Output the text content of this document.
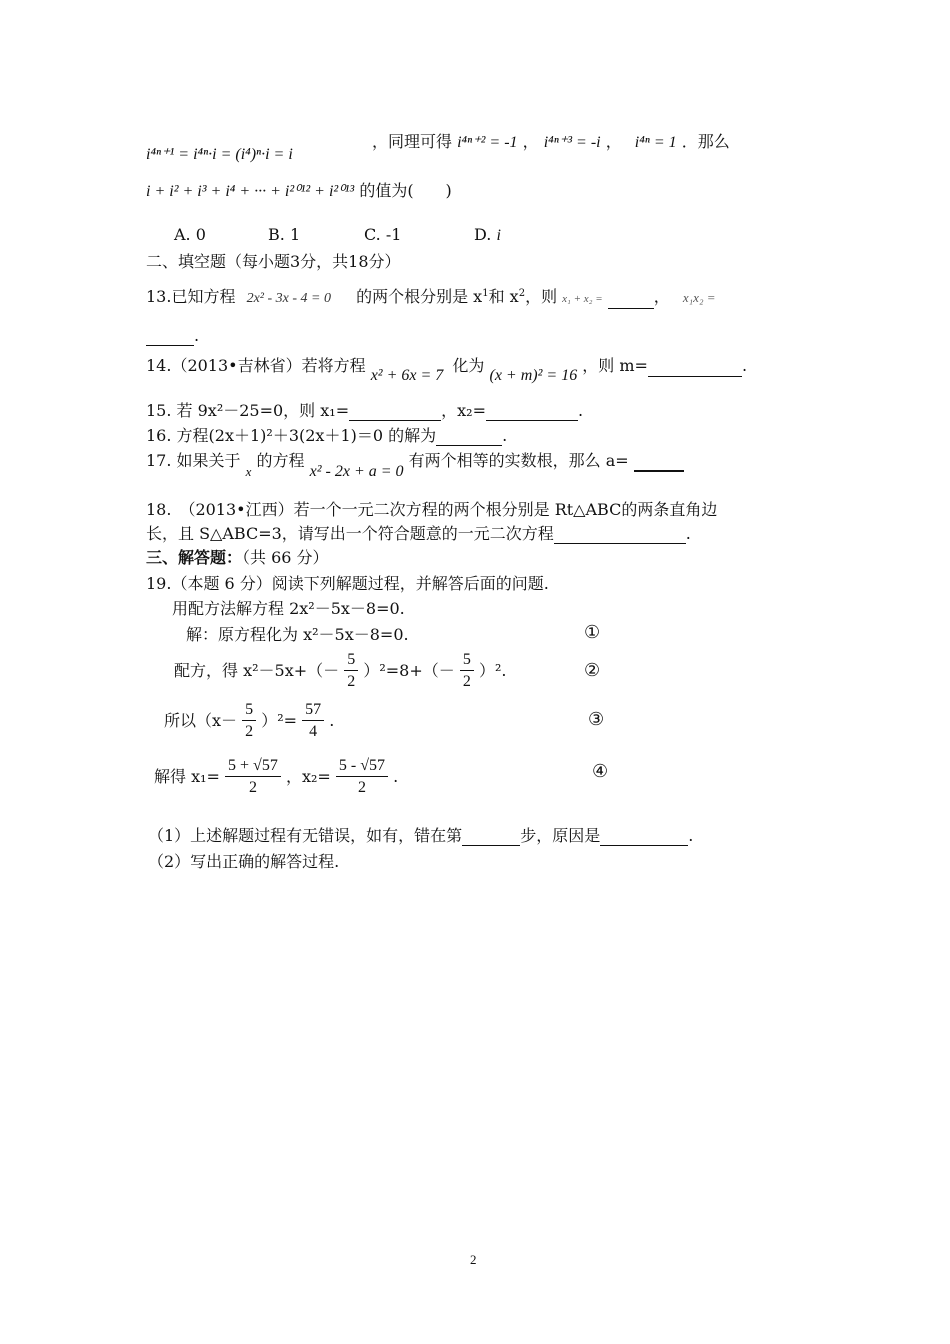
i⁴ⁿ⁺¹ = i⁴ⁿ·i = (i⁴)ⁿ·i = i
，同理可得 i⁴ⁿ⁺² = -1 ， i⁴ⁿ⁺³ = -i ， i⁴ⁿ = 1 ．那么
i + i² + i³ + i⁴ + ··· + i²⁰¹² + i²⁰¹³ 的值为(　　)
A. 0	B. 1	C. -1	D. i
二、填空题（每小题3分，共18分）
13.已知方程 2x² - 3x - 4 = 0 的两个根分别是 $x^1$和 $x^2$，则 x₁ + x₂ =	， x₁x₂ =
.
14.（2013•吉林省）若将方程 x² + 6x = 7 化为 (x + m)² = 16 ，则 m=	.
15. 若 9x²－25=0，则 x₁=	，x₂=	.
16. 方程(2x＋1)²＋3(2x＋1)＝0 的解为	.
17. 如果关于 $_x$ 的方程 x² - 2x + a = 0 有两个相等的实数根，那么 a=
18.　（2013•江西）若一个一元二次方程的两个根分别是 Rt△ABC的两条直角边
长，且 S△ABC=3，请写出一个符合题意的一元二次方程	.
三、解答题：（共 66 分）
19.（本题 6 分）阅读下列解题过程，并解答后面的问题.
用配方法解方程 2x²－5x－8=0.
解：原方程化为 x²－5x－8=0.	①
配方，得 $x^2-5x+(- \frac{5}{2} )^2=8+(- \frac{5}{2} )^2$.	②
所以$(x- \frac{5}{2} )^2= \frac{57}{4}$ .	③
解得 $x_1= \frac{5 + √57}{2}$ ，$x_2= \frac{5 - √57}{2}$ .	④
（1）上述解题过程有无错误，如有，错在第	步，原因是	.
（2）写出正确的解答过程.
2
